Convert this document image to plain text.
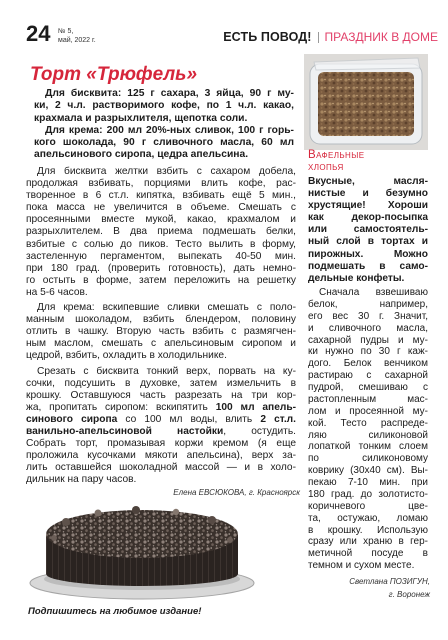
24 № 5,
май, 2022 г.	ЕСТЬ ПОВОД! ПРАЗДНИК В ДОМЕ
Торт «Трюфель»
Для бисквита: 125 г сахара, 3 яйца, 90 г му-
ки, 2 ч.л. растворимого кофе, по 1 ч.л. какао,
крахмала и разрыхлителя, щепотка соли.
Для крема: 200 мл 20%-ных сливок, 100 г горь-
кого шоколада, 90 г сливочного масла, 60 мл
апельсинового сиропа, цедра апельсина.
Для бисквита желтки взбить с сахаром добела,
продолжая взбивать, порциями влить кофе, рас-
творенное в 6 ст.л. кипятка, взбивать ещё 5 мин.,
пока масса не увеличится в объеме. Смешать с
просеянными вместе мукой, какао, крахмалом и
разрыхлителем. В два приема подмешать белки,
взбитые с солью до пиков. Тесто вылить в форму,
застеленную пергаментом, выпекать 40-50 мин.
при 180 град. (проверить готовность), дать немно-
го остыть в форме, затем переложить на решетку
на 5-6 часов.
Для крема: вскипевшие сливки смешать с поло-
манным шоколадом, взбить блендером, половину
отлить в чашку. Вторую часть взбить с размягчен-
ным маслом, смешать с апельсиновым сиропом и
цедрой, взбить, охладить в холодильнике.
Срезать с бисквита тонкий верх, порвать на ку-
сочки, подсушить в духовке, затем измельчить в
крошку. Оставшуюся часть разрезать на три кор-
жа, пропитать сиропом: вскипятить 100 мл апель-
синового сиропа со 100 мл воды, влить 2 ст.л.
ванильно-апельсиновой настойки, остудить.
Собрать торт, промазывая коржи кремом (я еще
проложила кусочками мякоти апельсина), верх за-
лить оставшейся шоколадной массой — и в холо-
дильник на пару часов.
Елена ЕВСЮКОВА, г. Красноярск
Подпишитесь на любимое издание!
Вафельные
хлопья
Вкусные, масля-
нистые и безумно
хрустящие! Хороши
как декор-посыпка
или самостоятель-
ный слой в тортах и
пирожных. Можно
подмешать в само-
дельные конфеты.
Сначала взвешиваю
белок, например,
его вес 30 г. Значит,
и сливочного масла,
сахарной пудры и му-
ки нужно по 30 г каж-
дого. Белок венчиком
растираю с сахарной
пудрой, смешиваю с
растопленным мас-
лом и просеянной му-
кой. Тесто распреде-
ляю силиконовой
лопаткой тонким слоем
по силиконовому
коврику (30х40 см). Вы-
пекаю 7-10 мин. при
180 град. до золотисто-
коричневого цве-
та, остужаю, ломаю
в крошку. Использую
сразу или храню в гер-
метичной посуде в
темном и сухом месте.
Светлана ПОЗИГУН,
г. Воронеж
